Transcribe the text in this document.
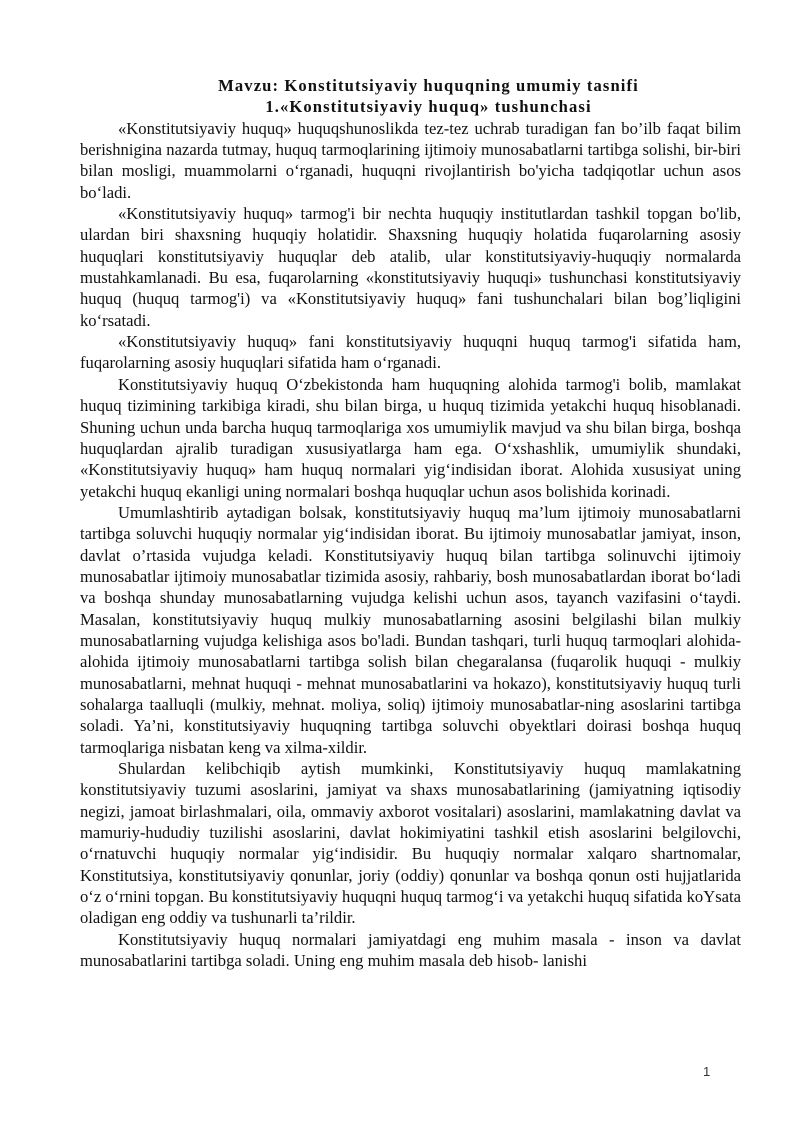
Mavzu: Konstitutsiyaviy huquqning umumiy tasnifi

1.«Konstitutsiyaviy huquq» tushunchasi

«Konstitutsiyaviy huquq» huquqshunoslikda tez-tez uchrab turadigan fan bo’ilb faqat bilim berishnigina nazarda tutmay, huquq tarmoqlarining ijtimoiy munosabatlarni tartibga solishi, bir-biri bilan mosligi, muammolarni o‘rganadi, huquqni rivojlantirish bo'yicha tadqiqotlar uchun asos bo‘ladi.

«Konstitutsiyaviy huquq» tarmog'i bir nechta huquqiy institutlardan tashkil topgan bo'lib, ulardan biri shaxsning huquqiy holatidir. Shaxsning huquqiy holatida fuqarolarning asosiy huquqlari konstitutsiyaviy huquqlar deb atalib, ular konstitutsiyaviy-huquqiy normalarda mustahkamlanadi. Bu esa, fuqarolarning «konstitutsiyaviy huquqi» tushunchasi konstitutsiyaviy huquq (huquq tarmog'i) va «Konstitutsiyaviy huquq» fani tushunchalari bilan bog’liqligini ko‘rsatadi.

«Konstitutsiyaviy huquq» fani konstitutsiyaviy huquqni huquq tarmog'i sifatida ham, fuqarolarning asosiy huquqlari sifatida ham o‘rganadi.

Konstitutsiyaviy huquq O‘zbekistonda ham huquqning alohida tarmog'i bolib, mamlakat huquq tizimining tarkibiga kiradi, shu bilan birga, u huquq tizimida yetakchi huquq hisoblanadi. Shuning uchun unda barcha huquq tarmoqlariga xos umumiylik mavjud va shu bilan birga, boshqa huquqlardan ajralib turadigan xususiyatlarga ham ega. O‘xshashlik, umumiylik shundaki, «Konstitutsiyaviy huquq» ham huquq normalari yig‘indisidan iborat. Alohida xususiyat uning yetakchi huquq ekanligi uning normalari boshqa huquqlar uchun asos bolishida korinadi.

Umumlashtirib aytadigan bolsak, konstitutsiyaviy huquq ma’lum ijtimoiy munosabatlarni tartibga soluvchi huquqiy normalar yig‘indisidan iborat. Bu ijtimoiy munosabatlar jamiyat, inson, davlat o’rtasida vujudga keladi. Konstitutsiyaviy huquq bilan tartibga solinuvchi ijtimoiy munosabatlar ijtimoiy munosabatlar tizimida asosiy, rahbariy, bosh munosabatlardan iborat bo‘ladi va boshqa shunday munosabatlarning vujudga kelishi uchun asos, tayanch vazifasini o‘taydi. Masalan, konstitutsiyaviy huquq mulkiy munosabatlarning asosini belgilashi bilan mulkiy munosabatlarning vujudga kelishiga asos bo'ladi. Bundan tashqari, turli huquq tarmoqlari alohida-alohida ijtimoiy munosabatlarni tartibga solish bilan chegaralansa (fuqarolik huquqi - mulkiy munosabatlarni, mehnat huquqi - mehnat munosabatlarini va hokazo), konstitutsiyaviy huquq turli sohalarga taalluqli (mulkiy, mehnat. moliya, soliq) ijtimoiy munosabatlar-ning asoslarini tartibga soladi. Ya’ni, konstitutsiyaviy huquqning tartibga soluvchi obyektlari doirasi boshqa huquq tarmoqlariga nisbatan keng va xilma-xildir.

Shulardan kelibchiqib aytish mumkinki, Konstitutsiyaviy huquq mamlakatning konstitutsiyaviy tuzumi asoslarini, jamiyat va shaxs munosabatlarining (jamiyatning iqtisodiy negizi, jamoat birlashmalari, oila, ommaviy axborot vositalari) asoslarini, mamlakatning davlat va mamuriy-hududiy tuzilishi asoslarini, davlat hokimiyatini tashkil etish asoslarini belgilovchi, o‘rnatuvchi huquqiy normalar yig‘indisidir. Bu huquqiy normalar xalqaro shartnomalar, Konstitutsiya, konstitutsiyaviy qonunlar, joriy (oddiy) qonunlar va boshqa qonun osti hujjatlarida o‘z o‘rnini topgan. Bu konstitutsiyaviy huquqni huquq tarmog‘i va yetakchi huquq sifatida koYsata oladigan eng oddiy va tushunarli ta’rildir.

Konstitutsiyaviy huquq normalari jamiyatdagi eng muhim masala - inson va davlat munosabatlarini tartibga soladi. Uning eng muhim masala deb hisob- lanishi

1
